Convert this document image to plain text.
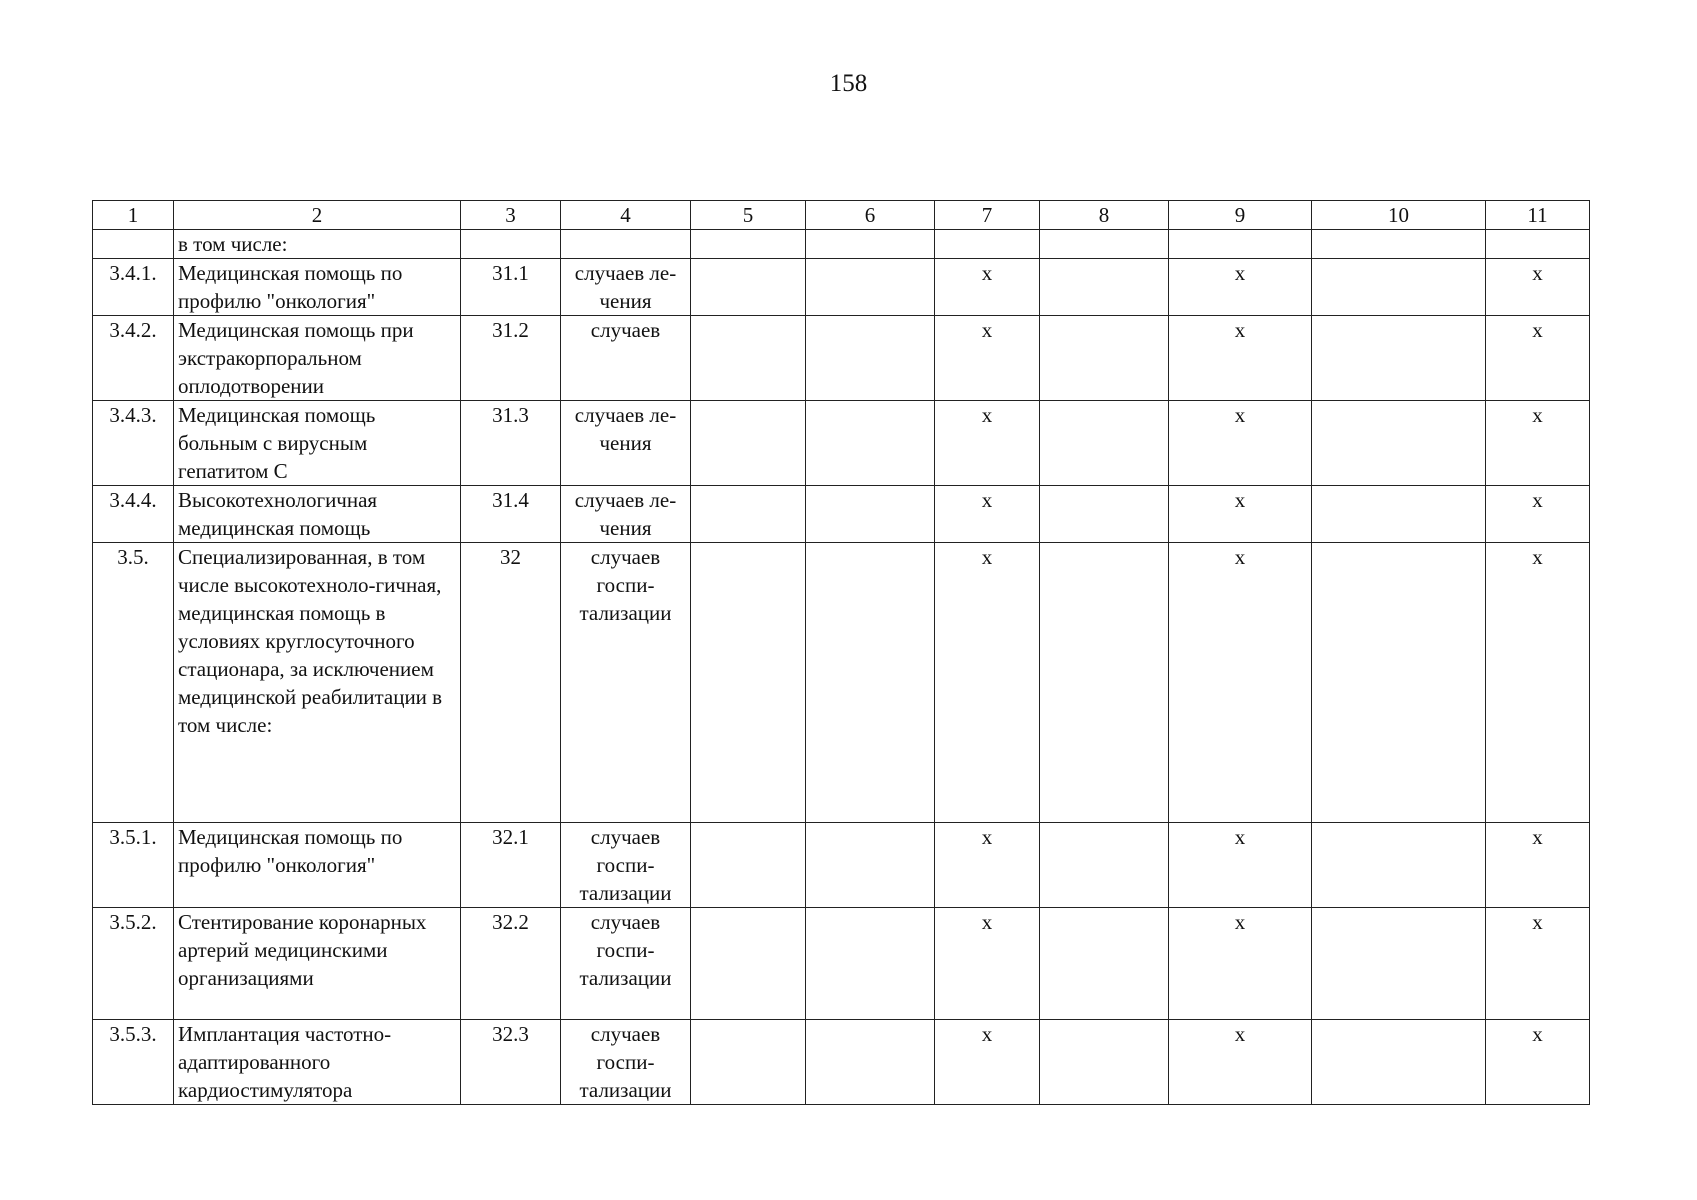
158
1	2	3	4	5	6	7	8	9	10	11
	в том числе:									
3.4.1.	Медицинская помощь по профилю "онкология"	31.1	случаев ле-чения			x		x		x
3.4.2.	Медицинская помощь при экстракорпоральном оплодотворении	31.2	случаев			x		x		x
3.4.3.	Медицинская помощь больным с вирусным гепатитом С	31.3	случаев ле-чения			x		x		x
3.4.4.	Высокотехнологичная медицинская помощь	31.4	случаев ле-чения			x		x		x
3.5.	Специализированная, в том числе высокотехноло-гичная, медицинская помощь в условиях круглосуточного стационара, за исключением медицинской реабилитации в том числе:	32	случаев госпи-тализации			x		x		x
3.5.1.	Медицинская помощь по профилю "онкология"	32.1	случаев госпи-тализации			x		x		x
3.5.2.	Стентирование коронарных артерий медицинскими организациями	32.2	случаев госпи-тализации			x		x		x
3.5.3.	Имплантация частотно-адаптированного кардиостимулятора	32.3	случаев госпи-тализации			x		x		x
